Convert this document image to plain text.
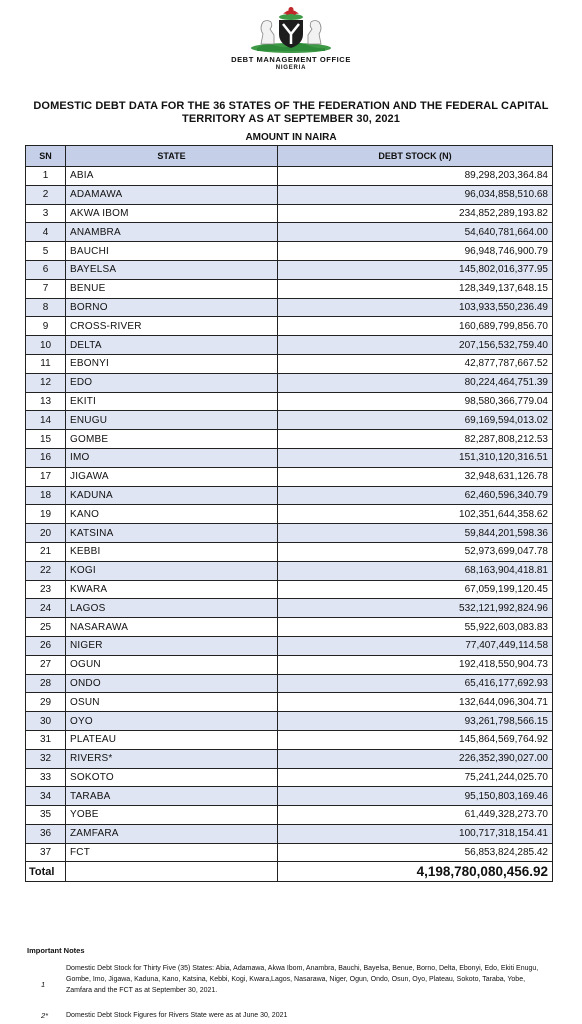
DEBT MANAGEMENT OFFICE
NIGERIA
DOMESTIC DEBT DATA FOR THE 36 STATES OF THE FEDERATION AND THE FEDERAL CAPITAL
TERRITORY AS AT SEPTEMBER 30, 2021
AMOUNT IN NAIRA
SN	STATE	DEBT STOCK (N)
1	ABIA	89,298,203,364.84
2	ADAMAWA	96,034,858,510.68
3	AKWA IBOM	234,852,289,193.82
4	ANAMBRA	54,640,781,664.00
5	BAUCHI	96,948,746,900.79
6	BAYELSA	145,802,016,377.95
7	BENUE	128,349,137,648.15
8	BORNO	103,933,550,236.49
9	CROSS-RIVER	160,689,799,856.70
10	DELTA	207,156,532,759.40
11	EBONYI	42,877,787,667.52
12	EDO	80,224,464,751.39
13	EKITI	98,580,366,779.04
14	ENUGU	69,169,594,013.02
15	GOMBE	82,287,808,212.53
16	IMO	151,310,120,316.51
17	JIGAWA	32,948,631,126.78
18	KADUNA	62,460,596,340.79
19	KANO	102,351,644,358.62
20	KATSINA	59,844,201,598.36
21	KEBBI	52,973,699,047.78
22	KOGI	68,163,904,418.81
23	KWARA	67,059,199,120.45
24	LAGOS	532,121,992,824.96
25	NASARAWA	55,922,603,083.83
26	NIGER	77,407,449,114.58
27	OGUN	192,418,550,904.73
28	ONDO	65,416,177,692.93
29	OSUN	132,644,096,304.71
30	OYO	93,261,798,566.15
31	PLATEAU	145,864,569,764.92
32	RIVERS*	226,352,390,027.00
33	SOKOTO	75,241,244,025.70
34	TARABA	95,150,803,169.46
35	YOBE	61,449,328,273.70
36	ZAMFARA	100,717,318,154.41
37	FCT	56,853,824,285.42
Total		4,198,780,080,456.92
Important Notes
1
Domestic Debt Stock for Thirty Five (35) States: Abia, Adamawa, Akwa Ibom, Anambra, Bauchi, Bayelsa, Benue, Borno, Delta, Ebonyi, Edo, Ekiti Enugu, Gombe, Imo, Jigawa, Kaduna, Kano, Katsina, Kebbi, Kogi, Kwara,Lagos, Nasarawa, Niger, Ogun, Ondo, Osun, Oyo, Plateau, Sokoto, Taraba, Yobe, Zamfara and the FCT as at September 30, 2021.
2*	Domestic Debt Stock Figures for Rivers State were as at June 30, 2021
